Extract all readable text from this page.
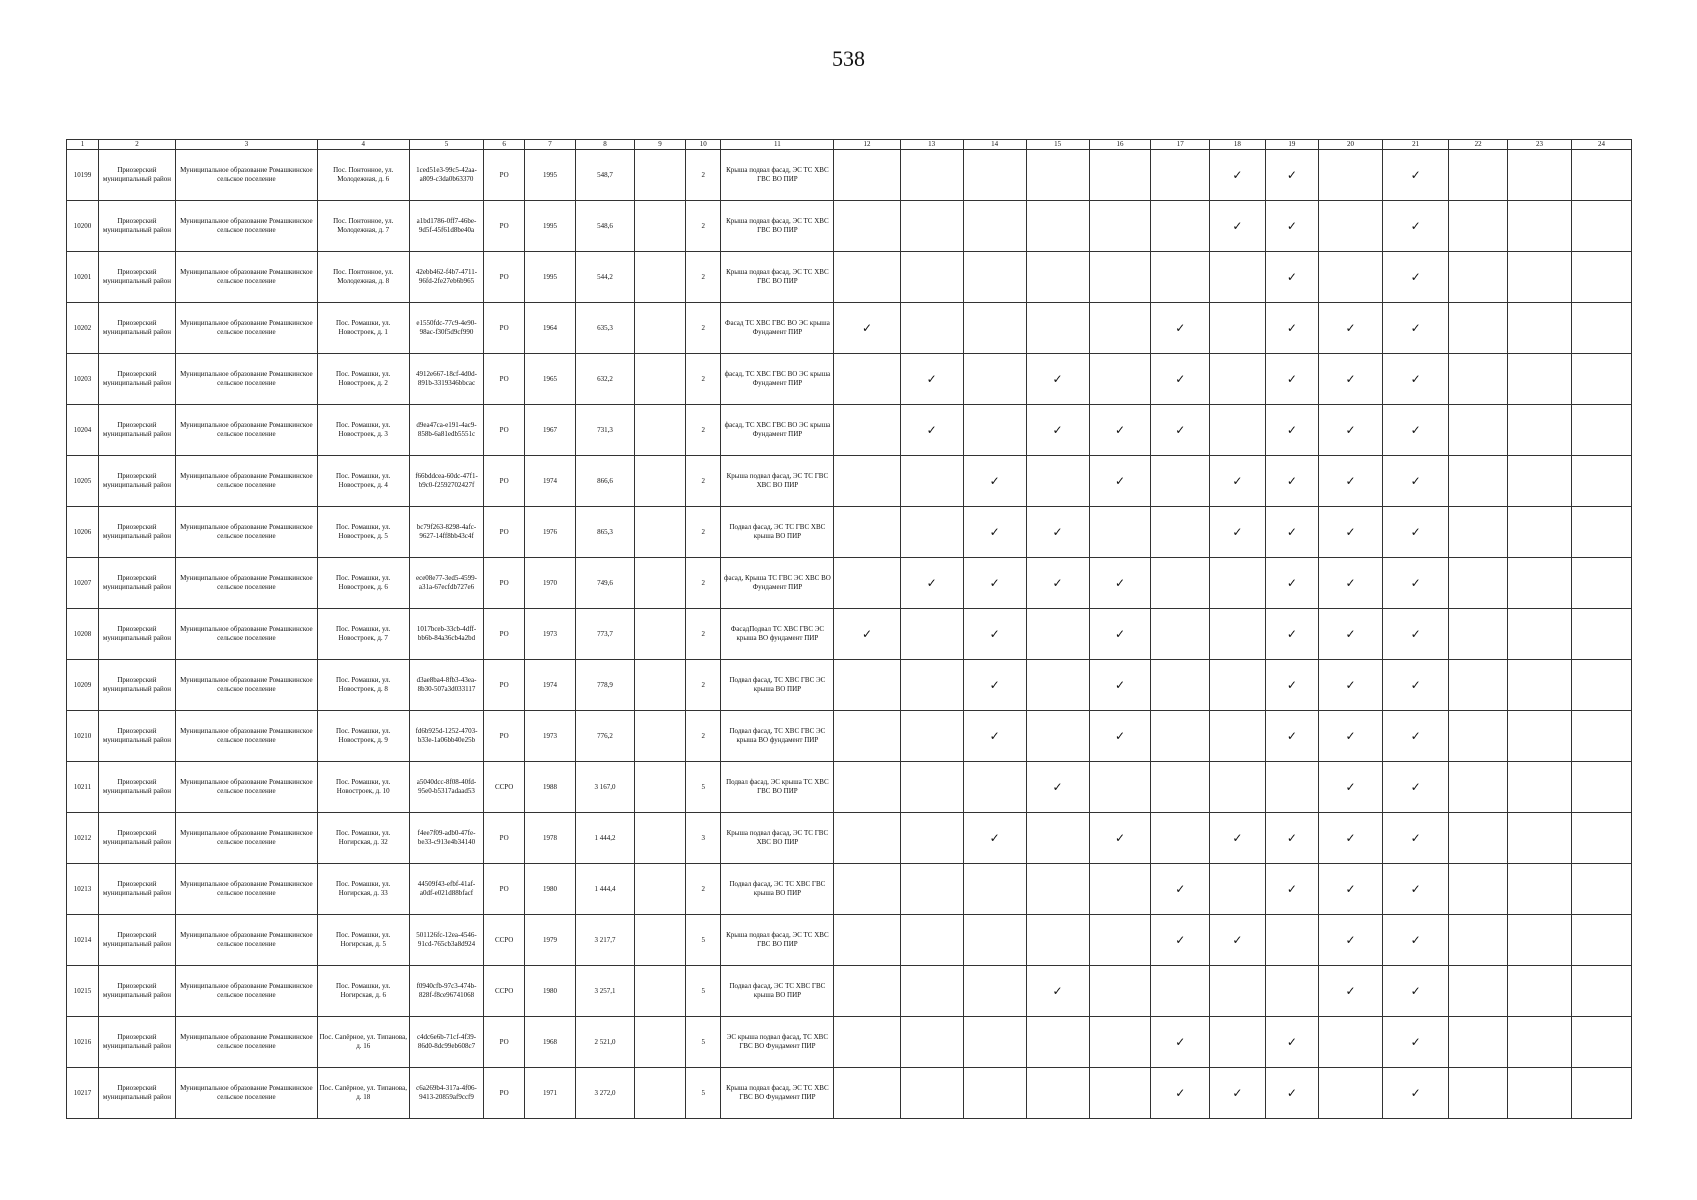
538
1	2	3	4	5	6	7	8	9	10	11	12	13	14	15	16	17	18	19	20	21	22	23	24
10199	Приозерский муниципальный район	Муниципальное образование Ромашкинское сельское поселение	Пос. Понтонное, ул. Молодежная, д. 6	1ced51e3-99c5-42aa-a809-c3da0b63370	РО	1995	548,7		2	Крыша подвал фасад, ЭС ТС ХВС ГВС ВО ПИР							✓	✓		✓			
10200	Приозерский муниципальный район	Муниципальное образование Ромашкинское сельское поселение	Пос. Понтонное, ул. Молодежная, д. 7	a1bd1786-0ff7-46be-9d5f-45f61d8be40a	РО	1995	548,6		2	Крыша подвал фасад, ЭС ТС ХВС ГВС ВО ПИР							✓	✓		✓			
10201	Приозерский муниципальный район	Муниципальное образование Ромашкинское сельское поселение	Пос. Понтонное, ул. Молодежная, д. 8	42ebb462-f4b7-4711-96fd-2fe27eb6b965	РО	1995	544,2		2	Крыша подвал фасад, ЭС ТС ХВС ГВС ВО ПИР								✓		✓			
10202	Приозерский муниципальный район	Муниципальное образование Ромашкинское сельское поселение	Пос. Ромашки, ул. Новостроек, д. 1	e1550fdc-77c9-4e90-98ac-f30f5d9cf990	РО	1964	635,3		2	Фасад ТС ХВС ГВС ВО ЭС крыша Фундамент ПИР	✓					✓		✓	✓	✓			
10203	Приозерский муниципальный район	Муниципальное образование Ромашкинское сельское поселение	Пос. Ромашки, ул. Новостроек, д. 2	4912e667-18cf-4d0d-891b-3319346bbcac	РО	1965	632,2		2	фасад, ТС ХВС ГВС ВО ЭС крыша Фундамент ПИР		✓		✓		✓		✓	✓	✓			
10204	Приозерский муниципальный район	Муниципальное образование Ромашкинское сельское поселение	Пос. Ромашки, ул. Новостроек, д. 3	d9ea47ca-e191-4ac9-858b-6a81edb5551c	РО	1967	731,3		2	фасад, ТС ХВС ГВС ВО ЭС крыша Фундамент ПИР		✓		✓	✓	✓		✓	✓	✓			
10205	Приозерский муниципальный район	Муниципальное образование Ромашкинское сельское поселение	Пос. Ромашки, ул. Новостроек, д. 4	f66bddcea-60dc-47f1-b9c0-f2592702427f	РО	1974	866,6		2	Крыша подвал фасад, ЭС ТС ГВС ХВС ВО ПИР			✓		✓		✓	✓	✓	✓			
10206	Приозерский муниципальный район	Муниципальное образование Ромашкинское сельское поселение	Пос. Ромашки, ул. Новостроек, д. 5	bc79f263-8298-4afc-9627-14ff8bb43c4f	РО	1976	865,3		2	Подвал фасад, ЭС ТС ГВС ХВС крыша ВО ПИР			✓	✓			✓	✓	✓	✓			
10207	Приозерский муниципальный район	Муниципальное образование Ромашкинское сельское поселение	Пос. Ромашки, ул. Новостроек, д. 6	ece08e77-3ed5-4599-a31a-67ecfdb727e6	РО	1970	749,6		2	фасад, Крыша ТС ГВС ЭС ХВС ВО Фундамент ПИР		✓	✓	✓	✓			✓	✓	✓			
10208	Приозерский муниципальный район	Муниципальное образование Ромашкинское сельское поселение	Пос. Ромашки, ул. Новостроек, д. 7	1017bceb-33cb-4dff-bb6b-84a36cb4a2bd	РО	1973	773,7		2	ФасадПодвал ТС ХВС ГВС ЭС крыша ВО фундамент ПИР	✓		✓		✓			✓	✓	✓			
10209	Приозерский муниципальный район	Муниципальное образование Ромашкинское сельское поселение	Пос. Ромашки, ул. Новостроек, д. 8	d3ae8ba4-8fb3-43ea-8b30-507a3d033117	РО	1974	778,9		2	Подвал фасад, ТС ХВС ГВС ЭС крыша ВО ПИР			✓		✓			✓	✓	✓			
10210	Приозерский муниципальный район	Муниципальное образование Ромашкинское сельское поселение	Пос. Ромашки, ул. Новостроек, д. 9	fd6b925d-1252-4703-b33e-1a06bb40e25b	РО	1973	776,2		2	Подвал фасад, ТС ХВС ГВС ЭС крыша ВО фундамент ПИР			✓		✓			✓	✓	✓			
10211	Приозерский муниципальный район	Муниципальное образование Ромашкинское сельское поселение	Пос. Ромашки, ул. Новостроек, д. 10	a5040dcc-8f08-40fd-95e0-b5317adaad53	ССРО	1988	3 167,0		5	Подвал фасад, ЭС крыша ТС ХВС ГВС ВО ПИР				✓					✓	✓			
10212	Приозерский муниципальный район	Муниципальное образование Ромашкинское сельское поселение	Пос. Ромашки, ул. Ногирская, д. 32	f4ee7f09-adb0-47fe-be33-c913e4b34140	РО	1978	1 444,2		3	Крыша подвал фасад, ЭС ТС ГВС ХВС ВО ПИР			✓		✓		✓	✓	✓	✓			
10213	Приозерский муниципальный район	Муниципальное образование Ромашкинское сельское поселение	Пос. Ромашки, ул. Ногирская, д. 33	44509f43-efbf-41af-a0df-e021d88bfacf	РО	1980	1 444,4		2	Подвал фасад, ЭС ТС ХВС ГВС крыша ВО ПИР						✓		✓	✓	✓			
10214	Приозерский муниципальный район	Муниципальное образование Ромашкинское сельское поселение	Пос. Ромашки, ул. Ногирская, д. 5	501126fc-12ea-4546-91cd-765cb3a8d924	ССРО	1979	3 217,7		5	Крыша подвал фасад, ЭС ТС ХВС ГВС ВО ПИР						✓	✓		✓	✓			
10215	Приозерский муниципальный район	Муниципальное образование Ромашкинское сельское поселение	Пос. Ромашки, ул. Ногирская, д. 6	f0940cfb-97c3-474b-828f-f8ce96741068	ССРО	1980	3 257,1		5	Подвал фасад, ЭС ТС ХВС ГВС крыша ВО ПИР				✓					✓	✓			
10216	Приозерский муниципальный район	Муниципальное образование Ромашкинское сельское поселение	Пос. Сапёрное, ул. Типанова, д. 16	c4dc6e6b-71cf-4f39-86d0-8dc99eb608c7	РО	1968	2 521,0		5	ЭС крыша подвал фасад, ТС ХВС ГВС ВО Фундамент ПИР						✓		✓		✓			
10217	Приозерский муниципальный район	Муниципальное образование Ромашкинское сельское поселение	Пос. Сапёрное, ул. Типанова, д. 18	c6a269b4-317a-4f06-9413-20859af9ccf9	РО	1971	3 272,0		5	Крыша подвал фасад, ЭС ТС ХВС ГВС ВО Фундамент ПИР						✓	✓	✓		✓			
